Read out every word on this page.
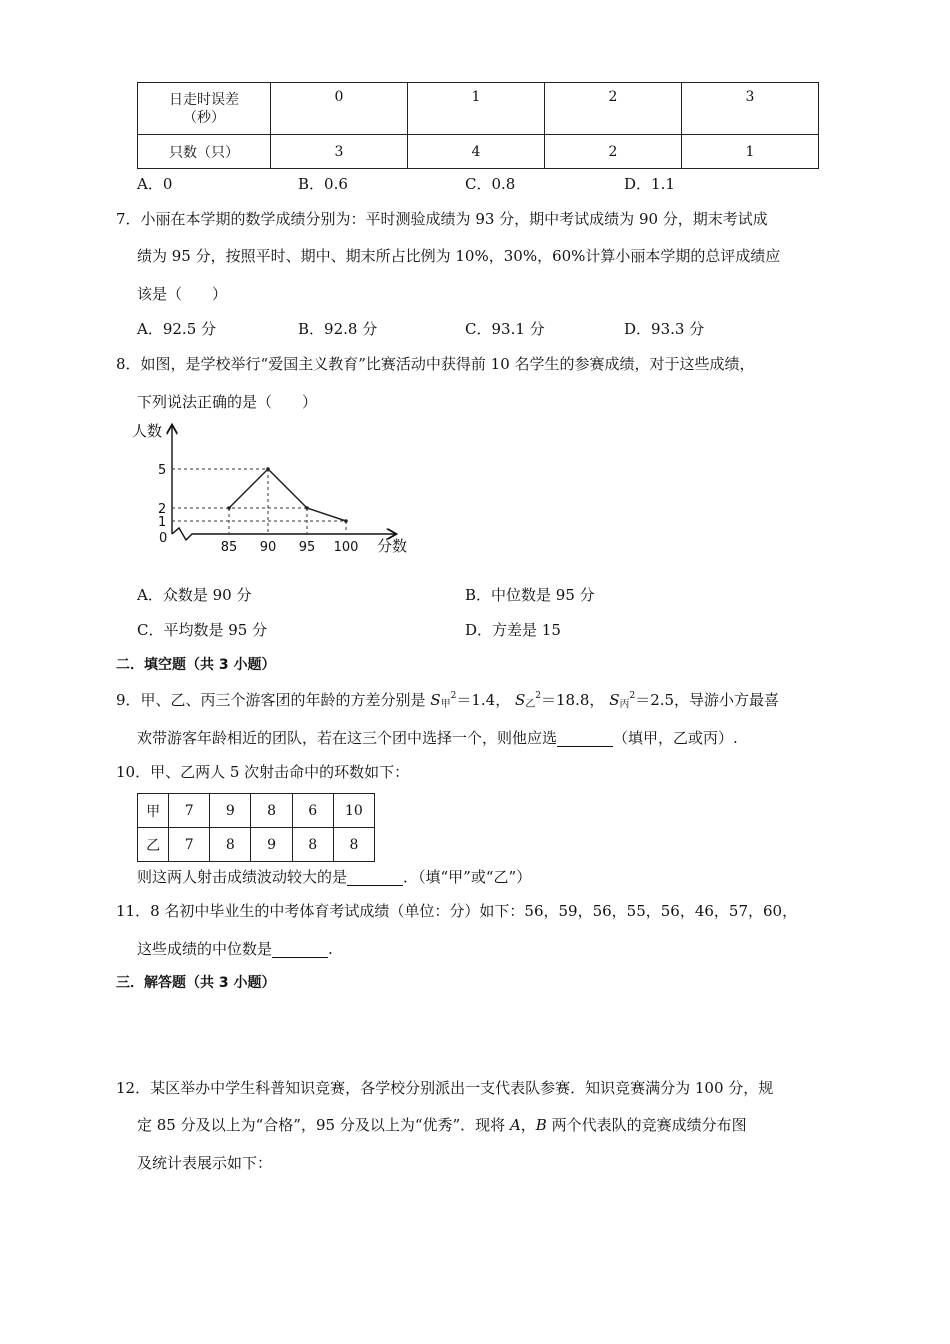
日走时误差
（秒）	0	1	2	3
只数（只）	3	4	2	1
A．0	B．0.6	C．0.8	D．1.1
7．小丽在本学期的数学成绩分别为：平时测验成绩为 93 分，期中考试成绩为 90 分，期末考试成
绩为 95 分，按照平时、期中、期末所占比例为 10%，30%，60%计算小丽本学期的总评成绩应
该是（　　）
A．92.5 分	B．92.8 分	C．93.1 分	D．93.3 分
8．如图，是学校举行“爱国主义教育”比赛活动中获得前 10 名学生的参赛成绩，对于这些成绩，
下列说法正确的是（　　）
人数
分数
0
5
2
1
85 90 95 100
A．众数是 90 分	B．中位数是 95 分
C．平均数是 95 分	D．方差是 15
二．填空题（共 3 小题）
9．甲、乙、丙三个游客团的年龄的方差分别是 $S_甲^2=1.4$， $S_乙^2=18.8$， $S_丙^2=2.5$，导游小方最喜
欢带游客年龄相近的团队，若在这三个团中选择一个，则他应选	（填甲，乙或丙）.
10．甲、乙两人 5 次射击命中的环数如下：
甲	7	9	8	6	10
乙	7	8	9	8	8
则这两人射击成绩波动较大的是	．（填“甲”或“乙”）
11．8 名初中毕业生的中考体育考试成绩（单位：分）如下：56，59，56，55，56，46，57，60，
这些成绩的中位数是	.
三．解答题（共 3 小题）
12．某区举办中学生科普知识竞赛，各学校分别派出一支代表队参赛．知识竞赛满分为 100 分，规
定 85 分及以上为“合格”，95 分及以上为“优秀”．现将 A，B 两个代表队的竞赛成绩分布图
及统计表展示如下：
